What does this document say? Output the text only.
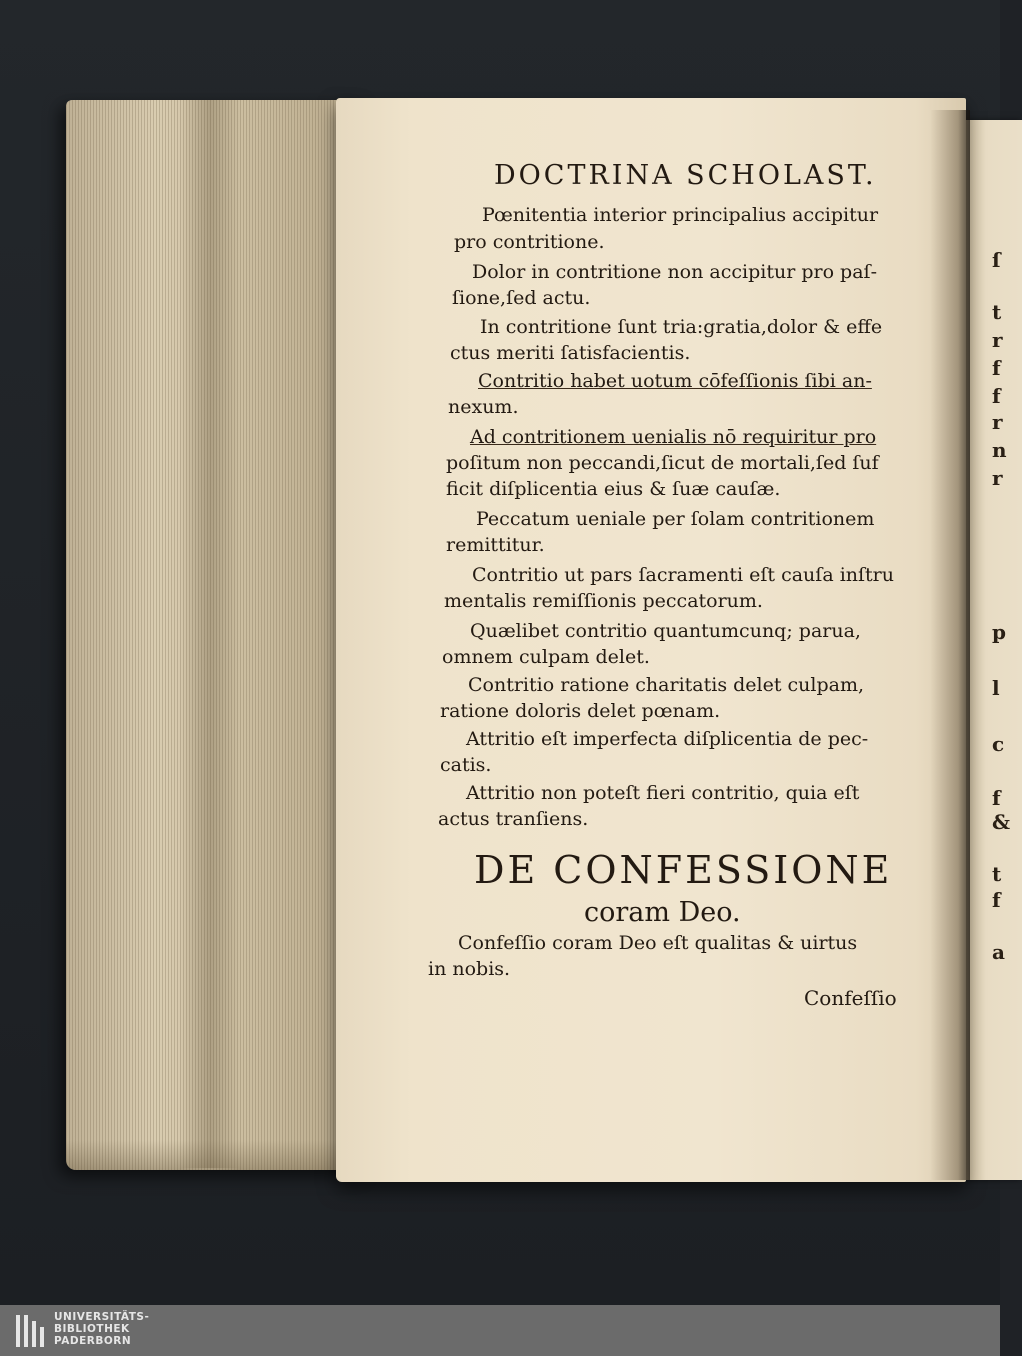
ſ
t
r
f
f
r
n
r
p
l
c
f
&
t
f
a
DOCTRINA SCHOLAST.
Pœnitentia interior principalius accipitur
pro contritione.
Dolor in contritione non accipitur pro paſ-
ſione,ſed actu.
In contritione ſunt tria:gratia,dolor & effe
ctus meriti ſatisfacientis.
Contritio habet uotum cōfeſſionis ſibi an-
nexum.
Ad contritionem uenialis nō requiritur pro
poſitum non peccandi,ſicut de mortali,ſed ſuf
ficit diſplicentia eius & ſuæ cauſæ.
Peccatum ueniale per ſolam contritionem
remittitur.
Contritio ut pars ſacramenti eſt cauſa inſtru
mentalis remiſſionis peccatorum.
Quælibet contritio quantumcunq; parua,
omnem culpam delet.
Contritio ratione charitatis delet culpam,
ratione doloris delet pœnam.
Attritio eſt imperfecta diſplicentia de pec-
catis.
Attritio non poteſt fieri contritio, quia eſt
actus tranſiens.
DE CONFESSIONE
coram Deo.
Confeſſio coram Deo eſt qualitas & uirtus
in nobis.
Confeſſio
UNIVERSITÄTS-
BIBLIOTHEK
PADERBORN
